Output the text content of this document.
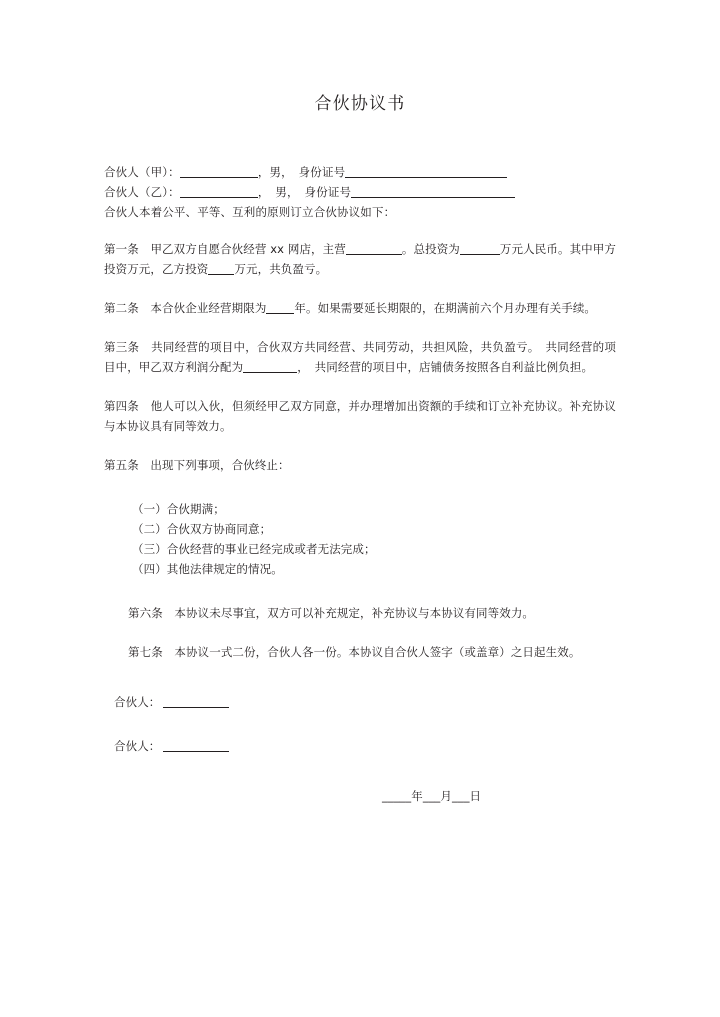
合伙协议书
合伙人（甲）：	，男，　身份证号
合伙人（乙）：	，　男，　身份证号
合伙人本着公平、平等、互利的原则订立合伙协议如下：

第一条　 甲乙双方自愿合伙经营 xx 网店，主营	。总投资为	万元人民币。其中甲方投资万元，乙方投资 万元，共负盈亏。

第二条　 本合伙企业经营期限为 年。如果需要延长期限的，在期满前六个月办理有关手续。

第三条　 共同经营的项目中，合伙双方共同经营、共同劳动，共担风险，共负盈亏。　共同经营的项目中，甲乙双方利润分配为	，　共同经营的项目中，店铺债务按照各自利益比例负担。

第四条　 他人可以入伙，但须经甲乙双方同意，并办理增加出资额的手续和订立补充协议。补充协议与本协议具有同等效力。

第五条　 出现下列事项，合伙终止：

（一）合伙期满；
（二）合伙双方协商同意；
（三）合伙经营的事业已经完成或者无法完成；
（四）其他法律规定的情况。

第六条　 本协议未尽事宜，双方可以补充规定，补充协议与本协议有同等效力。

第七条　 本协议一式二份，合伙人各一份。本协议自合伙人签字（或盖章）之日起生效。

合伙人： 
合伙人： 
_____年___月___日
